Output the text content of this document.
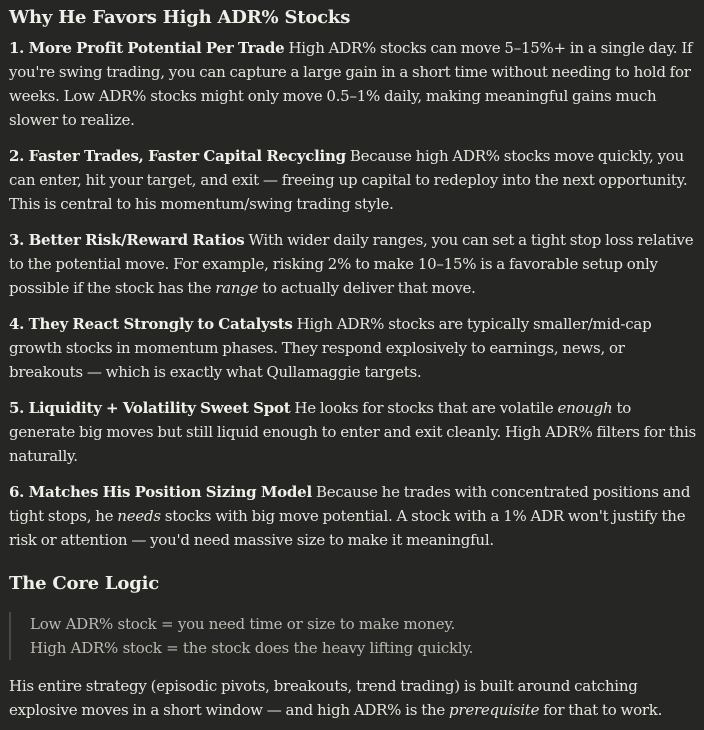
Why He Favors High ADR% Stocks

1. More Profit Potential Per Trade High ADR% stocks can move 5–15%+ in a single day. If you're swing trading, you can capture a large gain in a short time without needing to hold for weeks. Low ADR% stocks might only move 0.5–1% daily, making meaningful gains much slower to realize.

2. Faster Trades, Faster Capital Recycling Because high ADR% stocks move quickly, you can enter, hit your target, and exit — freeing up capital to redeploy into the next opportunity. This is central to his momentum/swing trading style.

3. Better Risk/Reward Ratios With wider daily ranges, you can set a tight stop loss relative to the potential move. For example, risking 2% to make 10–15% is a favorable setup only possible if the stock has the range to actually deliver that move.

4. They React Strongly to Catalysts High ADR% stocks are typically smaller/mid-cap growth stocks in momentum phases. They respond explosively to earnings, news, or breakouts — which is exactly what Qullamaggie targets.

5. Liquidity + Volatility Sweet Spot He looks for stocks that are volatile enough to generate big moves but still liquid enough to enter and exit cleanly. High ADR% filters for this naturally.

6. Matches His Position Sizing Model Because he trades with concentrated positions and tight stops, he needs stocks with big move potential. A stock with a 1% ADR won't justify the risk or attention — you'd need massive size to make it meaningful.

The Core Logic
Low ADR% stock = you need time or size to make money.
High ADR% stock = the stock does the heavy lifting quickly.

His entire strategy (episodic pivots, breakouts, trend trading) is built around catching explosive moves in a short window — and high ADR% is the prerequisite for that to work.
